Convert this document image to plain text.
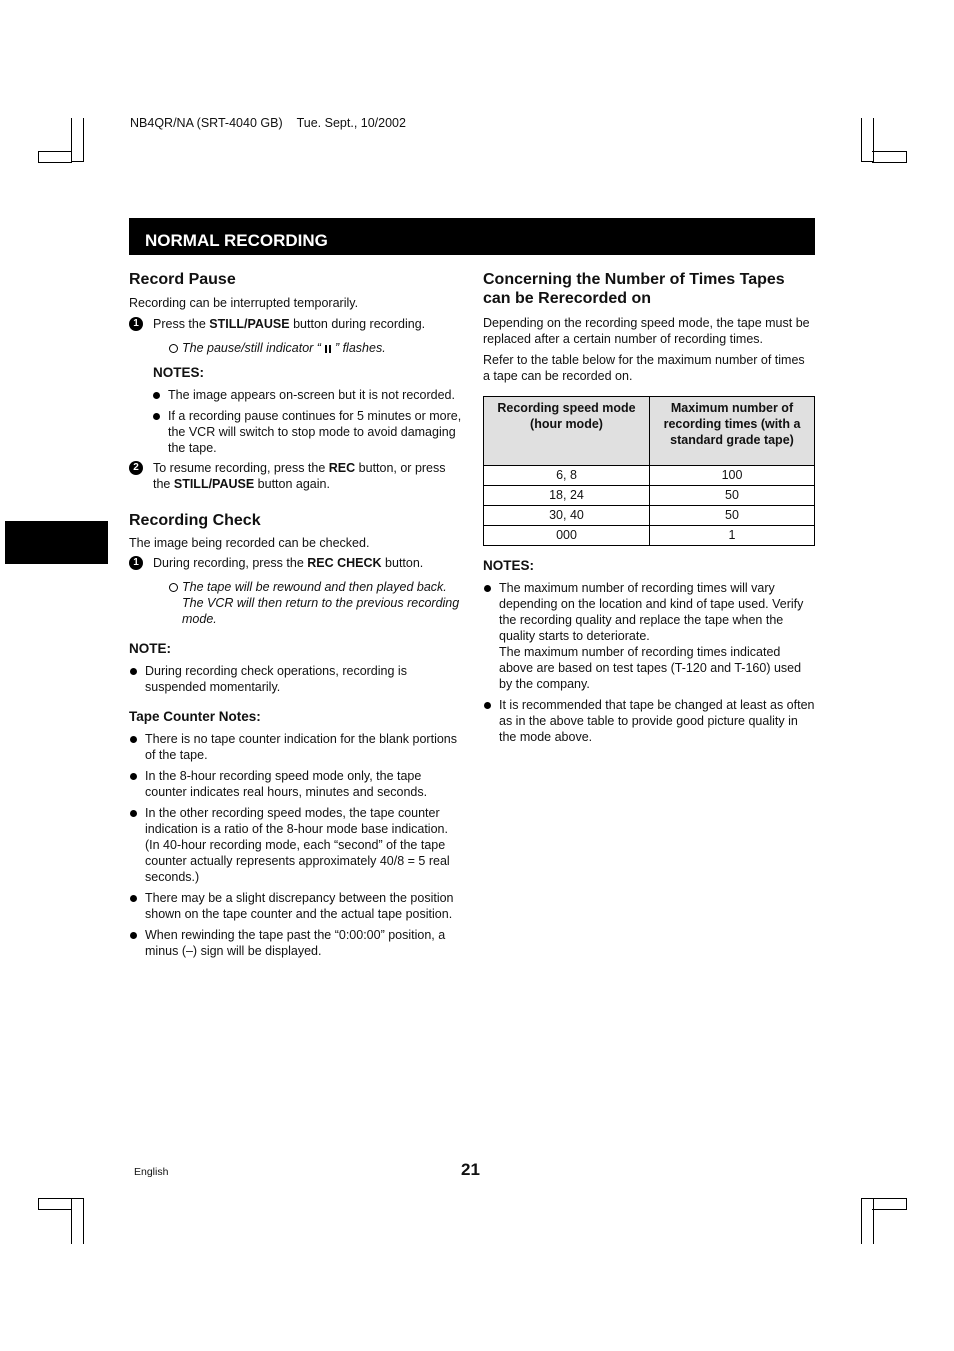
NB4QR/NA (SRT-4040 GB) Tue. Sept., 10/2002
NORMAL RECORDING

Record Pause

Recording can be interrupted temporarily.

1	Press the STILL/PAUSE button during recording.
The pause/still indicator “ ” flashes.

NOTES:

The image appears on-screen but it is not recorded.
If a recording pause continues for 5 minutes or more, the VCR will switch to stop mode to avoid damaging the tape.
2	To resume recording, press the REC button, or press the STILL/PAUSE button again.

Recording Check

The image being recorded can be checked.

1	During recording, press the REC CHECK button.
The tape will be rewound and then played back. The VCR will then return to the previous recording mode.

NOTE:

During recording check operations, recording is suspended momentarily.

Tape Counter Notes:

There is no tape counter indication for the blank portions of the tape.
In the 8-hour recording speed mode only, the tape counter indicates real hours, minutes and seconds.
In the other recording speed modes, the tape counter indication is a ratio of the 8-hour mode base indication. (In 40-hour recording mode, each “second” of the tape counter actually represents approximately 40/8 = 5 real seconds.)
There may be a slight discrepancy between the position shown on the tape counter and the actual tape position.
When rewinding the tape past the “0:00:00” position, a minus (–) sign will be displayed.

Concerning the Number of Times Tapes can be Rerecorded on

Depending on the recording speed mode, the tape must be replaced after a certain number of recording times.

Refer to the table below for the maximum number of times a tape can be recorded on.

Recording speed mode (hour mode)	Maximum number of recording times (with a standard grade tape)
6, 8	100
18, 24	50
30, 40	50
000	1

NOTES:

The maximum number of recording times will vary depending on the location and kind of tape used. Verify the recording quality and replace the tape when the quality starts to deteriorate.
The maximum number of recording times indicated above are based on test tapes (T-120 and T-160) used by the company.
It is recommended that tape be changed at least as often as in the above table to provide good picture quality in the mode above.
English	21
